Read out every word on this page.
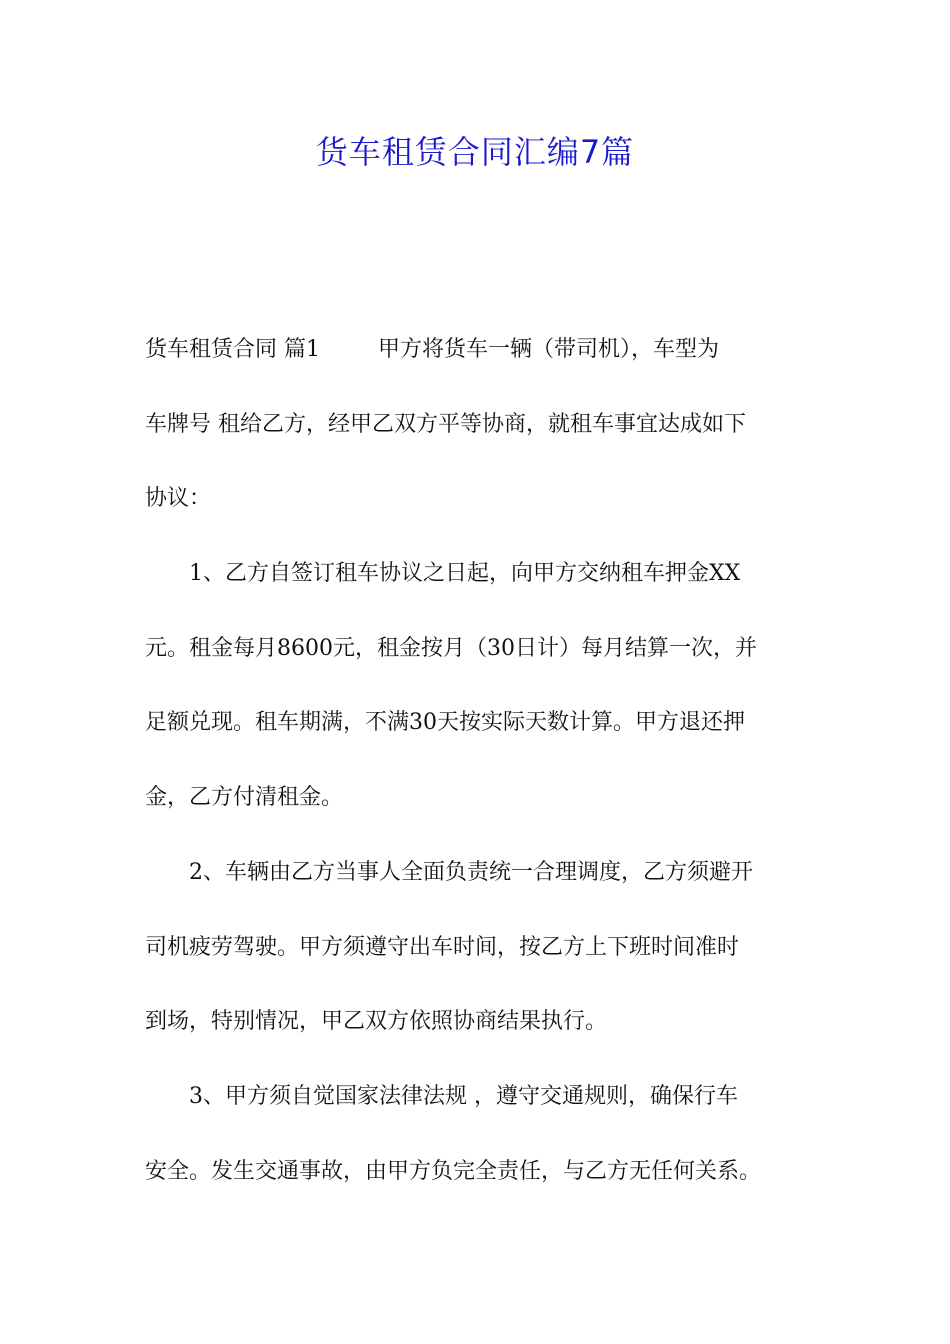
货车租赁合同汇编7篇
货车租赁合同 篇1	甲方将货车一辆（带司机），车型为
车牌号 租给乙方，经甲乙双方平等协商，就租车事宜达成如下
协议：
1、乙方自签订租车协议之日起，向甲方交纳租车押金XX
元。租金每月8600元，租金按月（30日计）每月结算一次，并
足额兑现。租车期满，不满30天按实际天数计算。甲方退还押
金，乙方付清租金。
2、车辆由乙方当事人全面负责统一合理调度，乙方须避开
司机疲劳驾驶。甲方须遵守出车时间，按乙方上下班时间准时
到场，特别情况，甲乙双方依照协商结果执行。
3、甲方须自觉国家法律法规 ，遵守交通规则，确保行车
安全。发生交通事故，由甲方负完全责任，与乙方无任何关系。
